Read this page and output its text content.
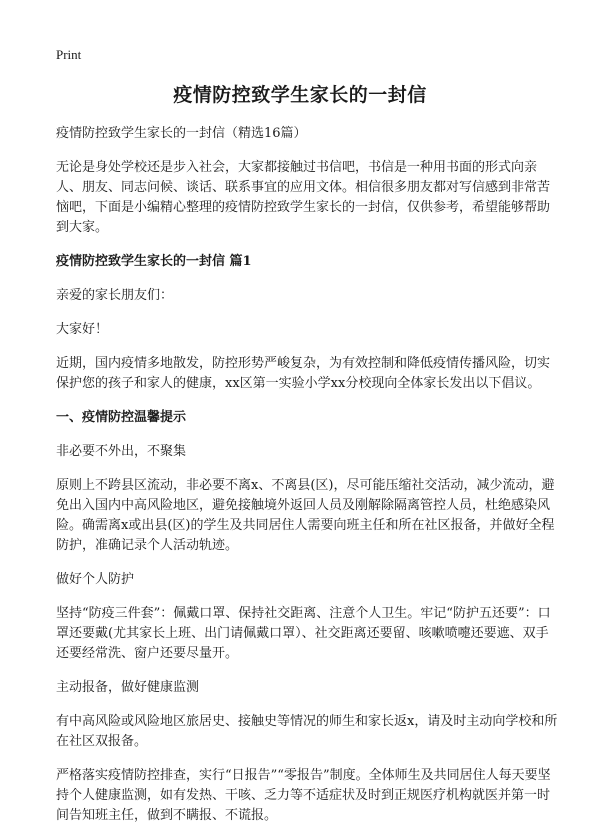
Print
疫情防控致学生家长的一封信

疫情防控致学生家长的一封信（精选16篇）

无论是身处学校还是步入社会，大家都接触过书信吧，书信是一种用书面的形式向亲人、朋友、同志问候、谈话、联系事宜的应用文体。相信很多朋友都对写信感到非常苦恼吧，下面是小编精心整理的疫情防控致学生家长的一封信，仅供参考，希望能够帮助到大家。

疫情防控致学生家长的一封信 篇1

亲爱的家长朋友们：

大家好！

近期，国内疫情多地散发，防控形势严峻复杂，为有效控制和降低疫情传播风险，切实保护您的孩子和家人的健康，xx区第一实验小学xx分校现向全体家长发出以下倡议。

一、疫情防控温馨提示

非必要不外出，不聚集

原则上不跨县区流动，非必要不离x、不离县(区)，尽可能压缩社交活动，减少流动，避免出入国内中高风险地区，避免接触境外返回人员及刚解除隔离管控人员，杜绝感染风险。确需离x或出县(区)的学生及共同居住人需要向班主任和所在社区报备，并做好全程防护，准确记录个人活动轨迹。

做好个人防护

坚持“防疫三件套”：佩戴口罩、保持社交距离、注意个人卫生。牢记“防护五还要”：口罩还要戴(尤其家长上班、出门请佩戴口罩）、社交距离还要留、咳嗽喷嚏还要遮、双手还要经常洗、窗户还要尽量开。

主动报备，做好健康监测

有中高风险或风险地区旅居史、接触史等情况的师生和家长返x，请及时主动向学校和所在社区双报备。

严格落实疫情防控排查，实行“日报告”“零报告”制度。全体师生及共同居住人每天要坚持个人健康监测，如有发热、干咳、乏力等不适症状及时到正规医疗机构就医并第一时间告知班主任，做到不瞒报、不谎报。
